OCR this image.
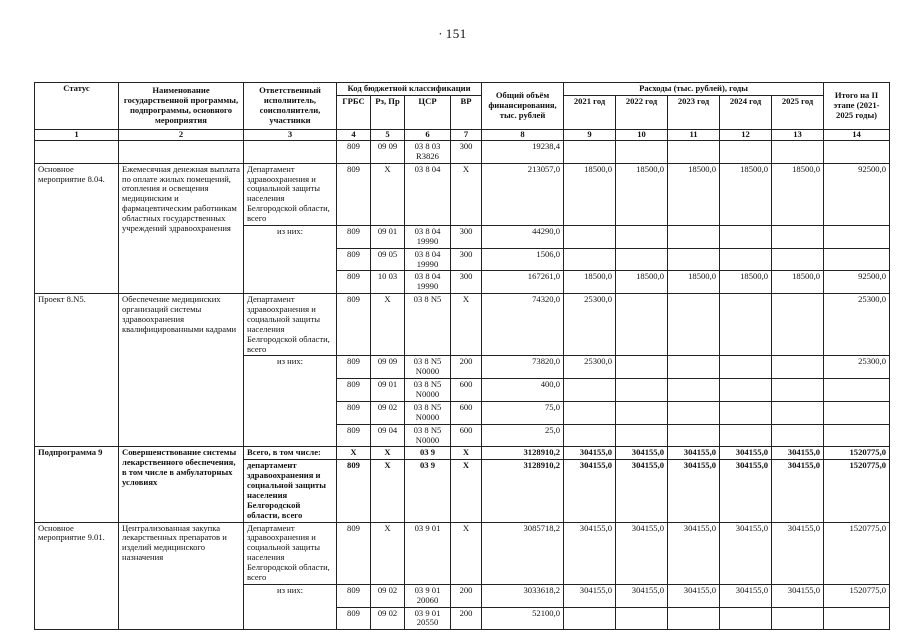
· 151
Статус	Наименование государственной программы, подпрограммы, основного мероприятия	Ответственный исполнитель, соисполнители, участники	Код бюджетной классификации				Общий объём финансирования, тыс. рублей	Расходы (тыс. рублей), годы					Итого на II этапе (2021-2025 годы)
			ГРБС	Рз, Пр	ЦСР	ВР		2021 год	2022 год	2023 год	2024 год	2025 год	
1	2	3	4	5	6	7	8	9	10	11	12	13	14
			809	09 09	03 8 03 R3826	300	19238,4						
Основное мероприятие 8.04.	Ежемесячная денежная выплата по оплате жилых помещений, отопления и освещения медицинским и фармацевтическим работникам областных государственных учреждений здравоохранения	Департамент здравоохранения и социальной защиты населения Белгородской области, всего	809	Х	03 8 04	Х	213057,0	18500,0	18500,0	18500,0	18500,0	18500,0	92500,0
		из них:	809	09 01	03 8 04 19990	300	44290,0						
			809	09 05	03 8 04 19990	300	1506,0						
			809	10 03	03 8 04 19990	300	167261,0	18500,0	18500,0	18500,0	18500,0	18500,0	92500,0
Проект 8.N5.	Обеспечение медицинских организаций системы здравоохранения квалифицированными кадрами	Департамент здравоохранения и социальной защиты населения Белгородской области, всего	809	Х	03 8 N5	Х	74320,0	25300,0					25300,0
		из них:	809	09 09	03 8 N5 N0000	200	73820,0	25300,0					25300,0
			809	09 01	03 8 N5 N0000	600	400,0						
			809	09 02	03 8 N5 N0000	600	75,0						
			809	09 04	03 8 N5 N0000	600	25,0						
Подпрограмма 9	Совершенствование системы лекарственного обеспечения, в том числе в амбулаторных условиях	Всего, в том числе:	Х	Х	03 9	Х	3128910,2	304155,0	304155,0	304155,0	304155,0	304155,0	1520775,0
		департамент здравоохранения и социальной защиты населения Белгородской области, всего	809	Х	03 9	Х	3128910,2	304155,0	304155,0	304155,0	304155,0	304155,0	1520775,0
Основное мероприятие 9.01.	Централизованная закупка лекарственных препаратов и изделий медицинского назначения	Департамент здравоохранения и социальной защиты населения Белгородской области, всего	809	Х	03 9 01	Х	3085718,2	304155,0	304155,0	304155,0	304155,0	304155,0	1520775,0
		из них:	809	09 02	03 9 01 20060	200	3033618,2	304155,0	304155,0	304155,0	304155,0	304155,0	1520775,0
			809	09 02	03 9 01 20550	200	52100,0						
